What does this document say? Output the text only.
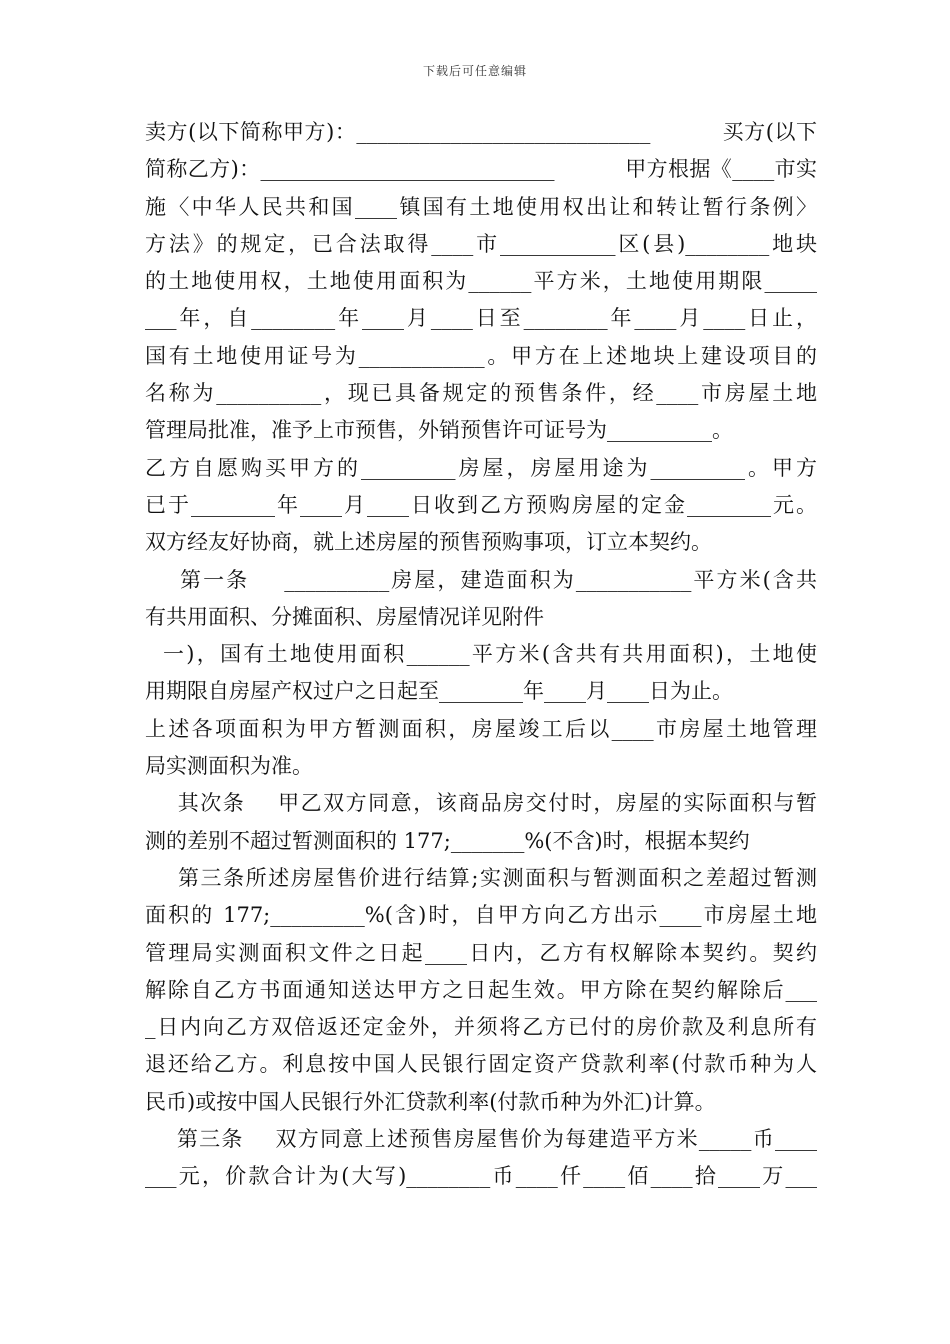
下载后可任意编辑
卖方(以下简称甲方)：____________________________          买方(以下
简称乙方)：____________________________          甲方根据《____市实
施〈中华人民共和国____镇国有土地使用权出让和转让暂行条例〉
方法》的规定，已合法取得____市___________区(县)________地块
的土地使用权，土地使用面积为______平方米，土地使用期限_____
___年，自________年____月____日至________年____月____日止，
国有土地使用证号为____________。甲方在上述地块上建设项目的
名称为__________，现已具备规定的预售条件，经____市房屋土地
管理局批准，准予上市预售，外销预售许可证号为__________。
乙方自愿购买甲方的_________房屋，房屋用途为_________。甲方
已于________年____月____日收到乙方预购房屋的定金________元。
双方经友好协商，就上述房屋的预售预购事项，订立本契约。
第一条    __________房屋，建造面积为___________平方米(含共
有共用面积、分摊面积、房屋情况详见附件
一)，国有土地使用面积______平方米(含共有共用面积)，土地使
用期限自房屋产权过户之日起至________年____月____日为止。
上述各项面积为甲方暂测面积，房屋竣工后以____市房屋土地管理
局实测面积为准。
其次条    甲乙双方同意，该商品房交付时，房屋的实际面积与暂
测的差别不超过暂测面积的 177;_______%(不含)时，根据本契约
第三条所述房屋售价进行结算;实测面积与暂测面积之差超过暂测
面积的 177;_________%(含)时，自甲方向乙方出示____市房屋土地
管理局实测面积文件之日起____日内，乙方有权解除本契约。契约
解除自乙方书面通知送达甲方之日起生效。甲方除在契约解除后___
_日内向乙方双倍返还定金外，并须将乙方已付的房价款及利息所有
退还给乙方。利息按中国人民银行固定资产贷款利率(付款币种为人
民币)或按中国人民银行外汇贷款利率(付款币种为外汇)计算。
第三条    双方同意上述预售房屋售价为每建造平方米_____币____
___元，价款合计为(大写)________币____仟____佰____拾____万___
